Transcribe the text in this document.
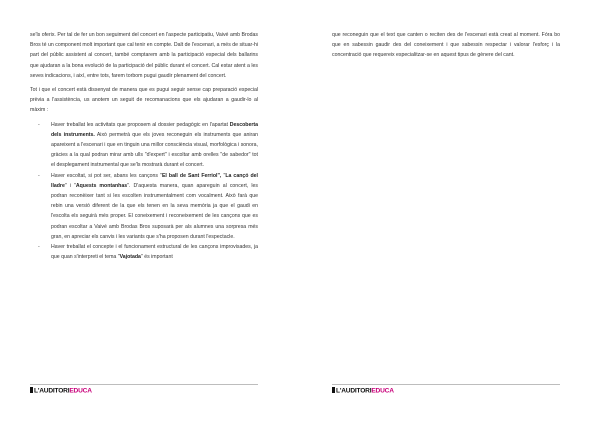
se'ls oferix. Per tal de fer un bon seguiment del concert en l'aspecte participatiu, Vaivé amb Brodas Bros té un component molt important que cal tenir en compte. Dalt de l'escenari, a més de situar-hi part del públic assistent al concert, també comptarem amb la participació especial dels ballarins que ajudaran a la bona evolució de la participació del públic durant el concert. Cal estar atent a les seves indicacions, i així, entre tots, farem torbom pugui gaudir plenament del concert.

Tot i que el concert està dissenyat de manera que es pugui seguir sense cap preparació especial prèvia a l'assistència, us anotem un seguit de recomanacions que els ajudaran a gaudir-lo al màxim :

- Haver treballat les activitats que proposem al dossier pedagògic en l'apartat Descoberta dels instruments. Això permetrà que els joves reconeguin els instruments que aniran apareixent a l'escenari i que en tinguin una millor consciència visual, morfològica i sonora, gràcies a la qual podran mirar amb ulls "d'expert" i escoltar amb orelles "de sabedor" tot el desplegament instrumental que se'ls mostrarà durant el concert.
- Haver escoltat, si pot ser, abans les cançons "El ball de Sant Ferriol", "La cançó del lladre" i "Aquests montanhas". D'aquesta manera, quan apareguin al concert, les podran reconèixer tant si les escolten instrumentalment com vocalment. Això farà que rebin una versió diferent de la que els tenen en la seva memòria ja que el gaudi en l'escolta els seguirà més proper. El coneixement i reconeixement de les cançons que es podran escoltar a Vaivé amb Brodas Bros suposarà per als alumnes una sorpresa més gran, en apreciar els canvis i les variants que s'ha proposen durant l'espectacle.
- Haver treballat el concepte i el funcionament estructural de les cançons improvisades, ja que quan s'interpreti el tema "Vajotada" és important
L'AUDITORIEDUCA

que reconeguin que el text que canten o reciten des de l'escenari està creat al moment. Fóra bo que en sabessin gaudir des del coneixement i que sabessin respectar i valorar l'esforç i la concentració que requereix especialitzar-se en aquest tipus de gènere del cant.

L'AUDITORIEDUCA
